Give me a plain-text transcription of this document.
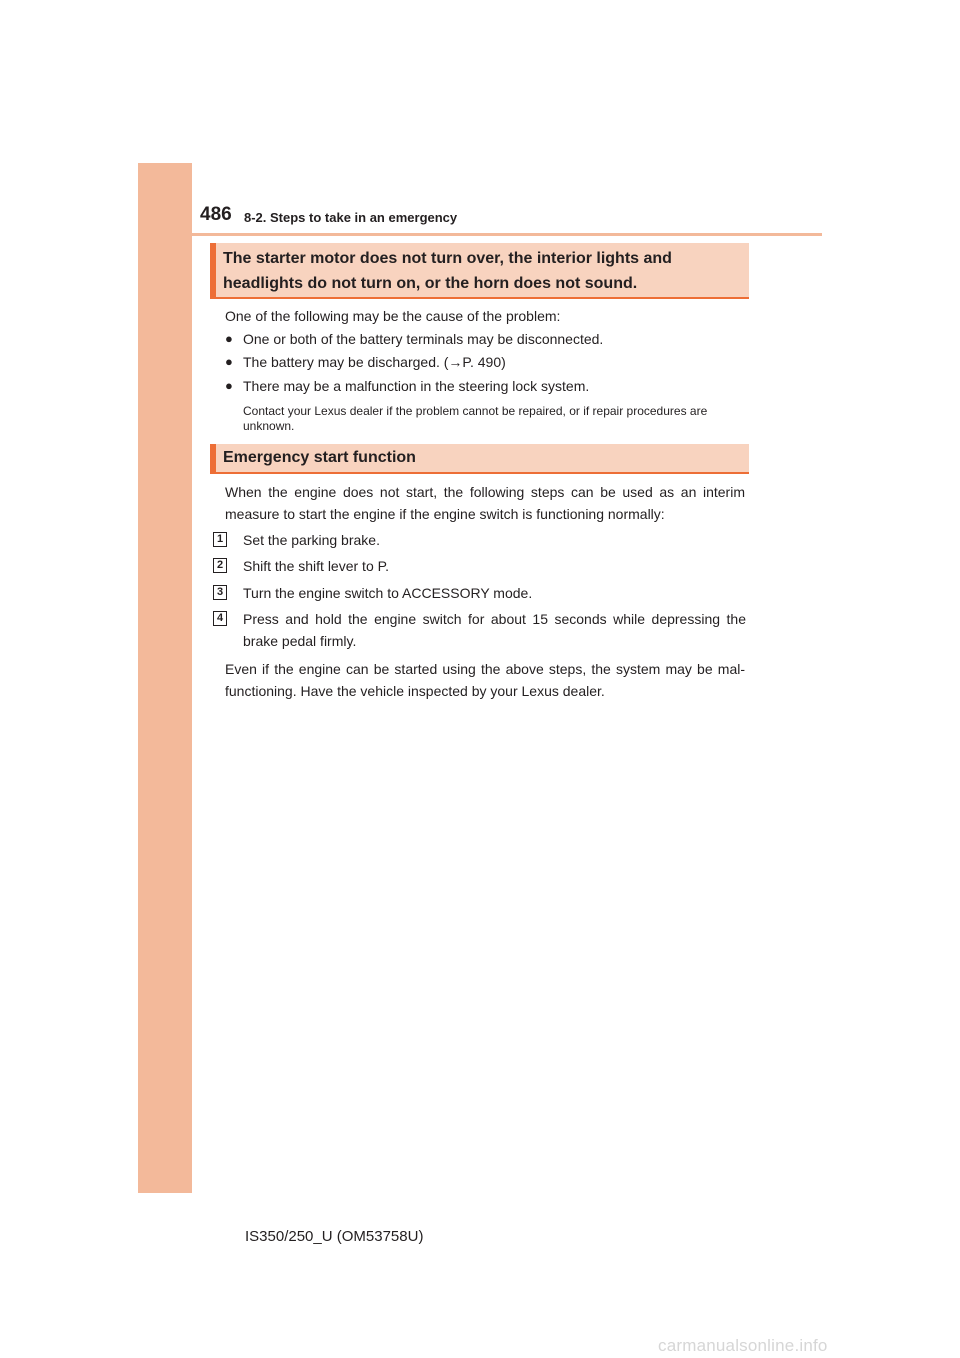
486 8-2. Steps to take in an emergency
The starter motor does not turn over, the interior lights and headlights do not turn on, or the horn does not sound.
One of the following may be the cause of the problem:
● One or both of the battery terminals may be disconnected.
● The battery may be discharged. (→P. 490)
● There may be a malfunction in the steering lock system.
Contact your Lexus dealer if the problem cannot be repaired, or if repair procedures are unknown.
Emergency start function
When the engine does not start, the following steps can be used as an interim measure to start the engine if the engine switch is functioning normally:
1 Set the parking brake.
2 Shift the shift lever to P.
3 Turn the engine switch to ACCESSORY mode.
4 Press and hold the engine switch for about 15 seconds while depressing the brake pedal firmly.
Even if the engine can be started using the above steps, the system may be mal-functioning. Have the vehicle inspected by your Lexus dealer.
IS350/250_U (OM53758U)
carmanualsonline.info
